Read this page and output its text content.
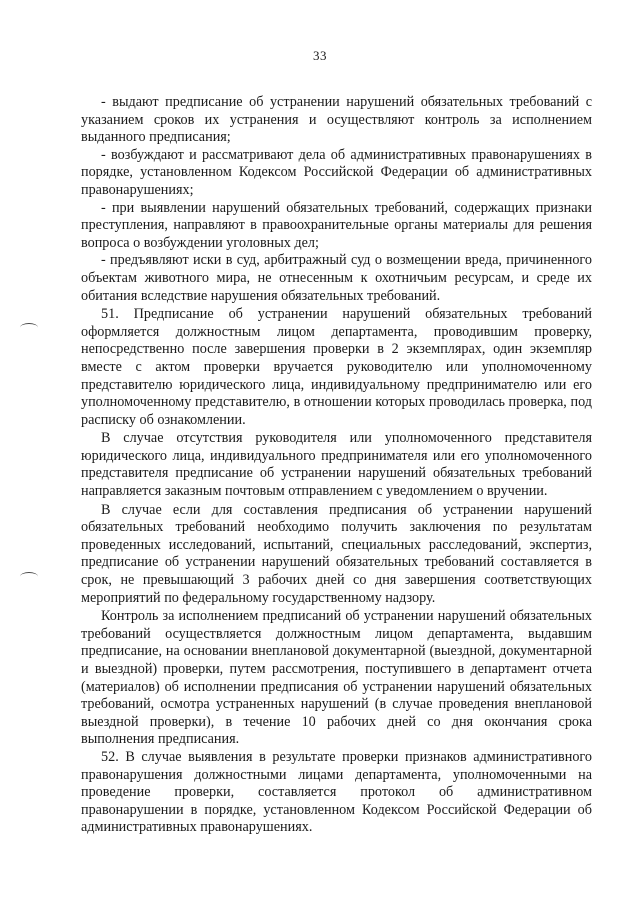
33

- выдают предписание об устранении нарушений обязательных требований с указанием сроков их устранения и осуществляют контроль за исполнением выданного предписания;

- возбуждают и рассматривают дела об административных правонарушениях в порядке, установленном Кодексом Российской Федерации об административных правонарушениях;

- при выявлении нарушений обязательных требований, содержащих признаки преступления, направляют в правоохранительные органы материалы для решения вопроса о возбуждении уголовных дел;

- предъявляют иски в суд, арбитражный суд о возмещении вреда, причиненного объектам животного мира, не отнесенным к охотничьим ресурсам, и среде их обитания вследствие нарушения обязательных требований.

51. Предписание об устранении нарушений обязательных требований оформляется должностным лицом департамента, проводившим проверку, непосредственно после завершения проверки в 2 экземплярах, один экземпляр вместе с актом проверки вручается руководителю или уполномоченному представителю юридического лица, индивидуальному предпринимателю или его уполномоченному представителю, в отношении которых проводилась проверка, под расписку об ознакомлении.

В случае отсутствия руководителя или уполномоченного представителя юридического лица, индивидуального предпринимателя или его уполномоченного представителя предписание об устранении нарушений обязательных требований направляется заказным почтовым отправлением с уведомлением о вручении.

В случае если для составления предписания об устранении нарушений обязательных требований необходимо получить заключения по результатам проведенных исследований, испытаний, специальных расследований, экспертиз, предписание об устранении нарушений обязательных требований составляется в срок, не превышающий 3 рабочих дней со дня завершения соответствующих мероприятий по федеральному государственному надзору.

Контроль за исполнением предписаний об устранении нарушений обязательных требований осуществляется должностным лицом департамента, выдавшим предписание, на основании внеплановой документарной (выездной, документарной и выездной) проверки, путем рассмотрения, поступившего в департамент отчета (материалов) об исполнении предписания об устранении нарушений обязательных требований, осмотра устраненных нарушений (в случае проведения внеплановой выездной проверки), в течение 10 рабочих дней со дня окончания срока выполнения предписания.

52. В случае выявления в результате проверки признаков административного правонарушения должностными лицами департамента, уполномоченными на проведение проверки, составляется протокол об административном правонарушении в порядке, установленном Кодексом Российской Федерации об административных правонарушениях.
